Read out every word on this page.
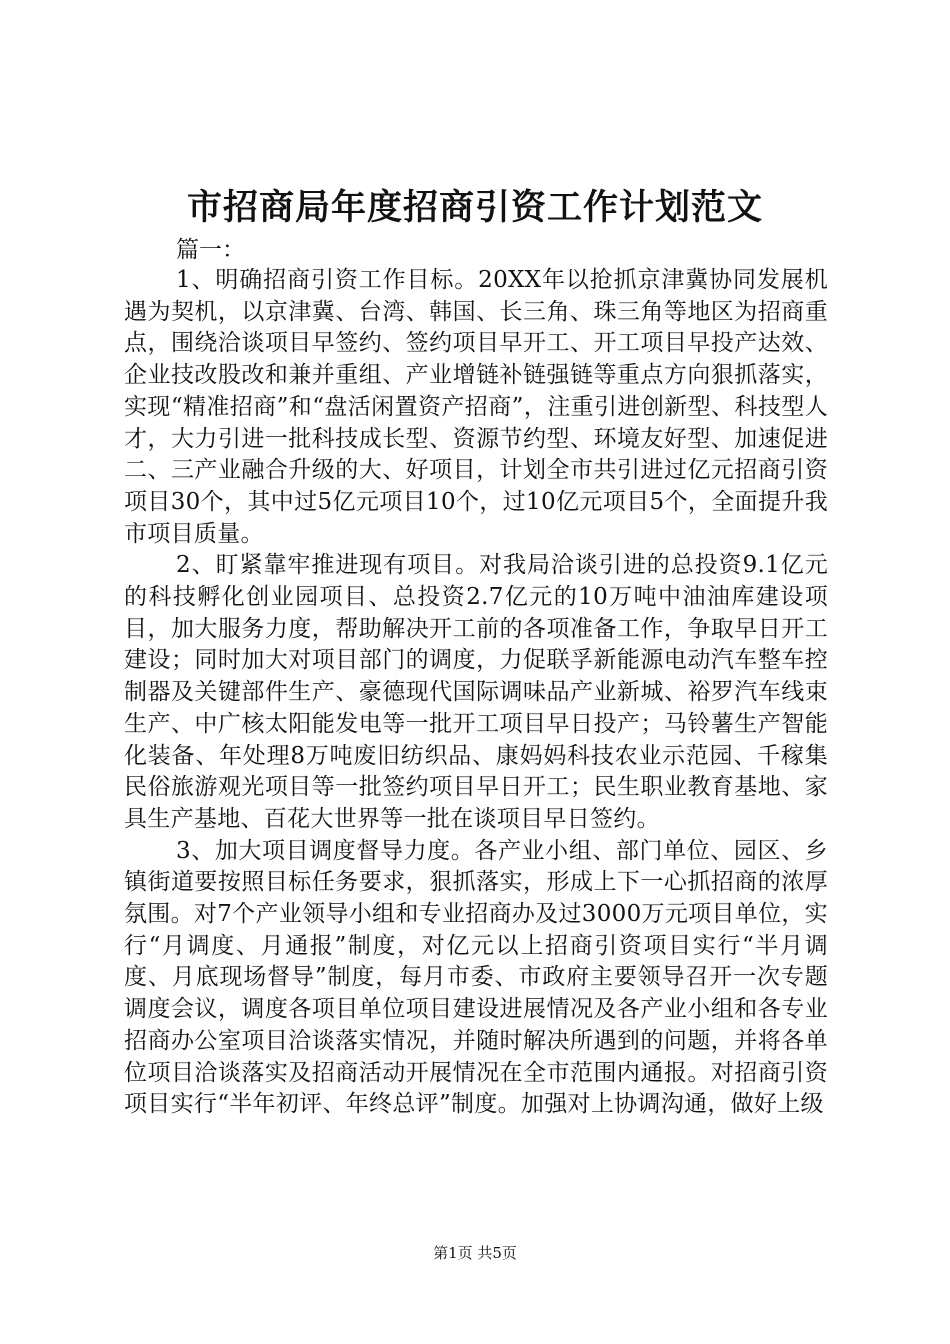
市招商局年度招商引资工作计划范文
篇一：

1、明确招商引资工作目标。20XX年以抢抓京津冀协同发展机遇为契机，以京津冀、台湾、韩国、长三角、珠三角等地区为招商重点，围绕洽谈项目早签约、签约项目早开工、开工项目早投产达效、企业技改股改和兼并重组、产业增链补链强链等重点方向狠抓落实，实现“精准招商”和“盘活闲置资产招商”，注重引进创新型、科技型人才，大力引进一批科技成长型、资源节约型、环境友好型、加速促进二、三产业融合升级的大、好项目，计划全市共引进过亿元招商引资项目30个，其中过5亿元项目10个，过10亿元项目5个，全面提升我市项目质量。

2、盯紧靠牢推进现有项目。对我局洽谈引进的总投资9.1亿元的科技孵化创业园项目、总投资2.7亿元的10万吨中油油库建设项目，加大服务力度，帮助解决开工前的各项准备工作，争取早日开工建设；同时加大对项目部门的调度，力促联孚新能源电动汽车整车控制器及关键部件生产、豪德现代国际调味品产业新城、裕罗汽车线束生产、中广核太阳能发电等一批开工项目早日投产；马铃薯生产智能化装备、年处理8万吨废旧纺织品、康妈妈科技农业示范园、千稼集民俗旅游观光项目等一批签约项目早日开工；民生职业教育基地、家具生产基地、百花大世界等一批在谈项目早日签约。

3、加大项目调度督导力度。各产业小组、部门单位、园区、乡镇街道要按照目标任务要求，狠抓落实，形成上下一心抓招商的浓厚氛围。对7个产业领导小组和专业招商办及过3000万元项目单位，实行“月调度、月通报”制度，对亿元以上招商引资项目实行“半月调度、月底现场督导”制度，每月市委、市政府主要领导召开一次专题调度会议，调度各项目单位项目建设进展情况及各产业小组和各专业招商办公室项目洽谈落实情况，并随时解决所遇到的问题，并将各单位项目洽谈落实及招商活动开展情况在全市范围内通报。对招商引资项目实行“半年初评、年终总评”制度。加强对上协调沟通，做好上级

第1页 共5页
